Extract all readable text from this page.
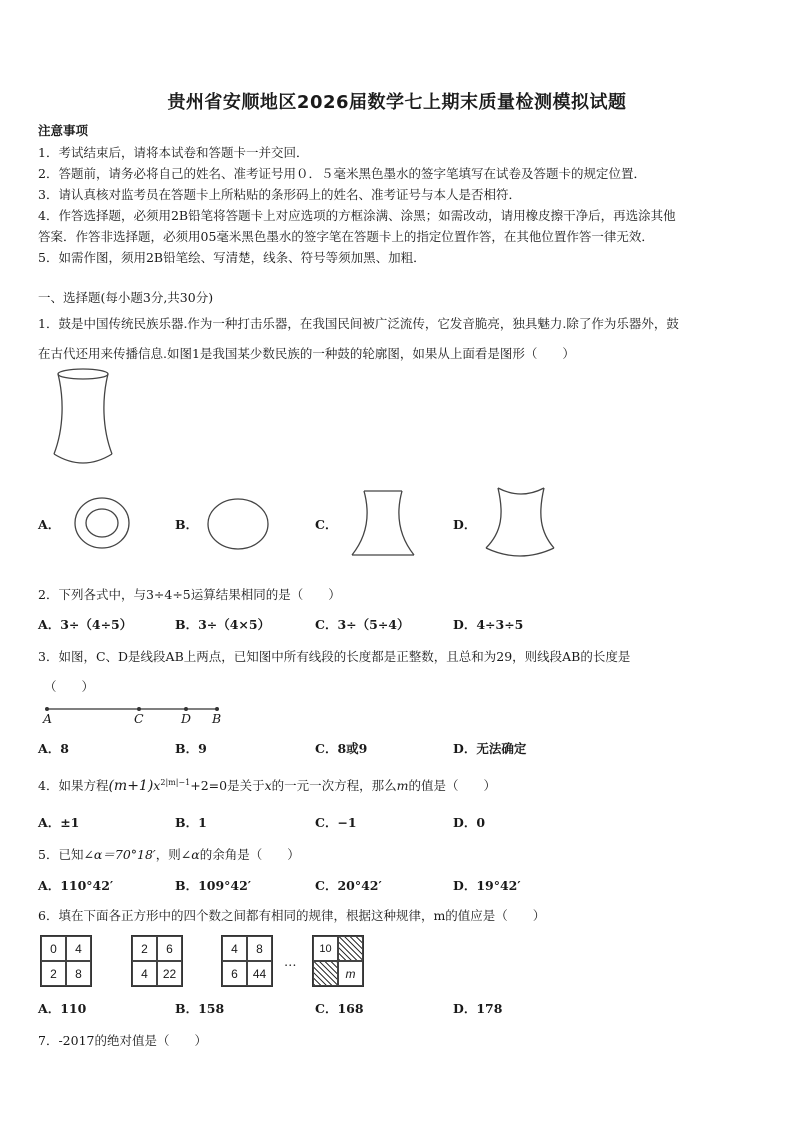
贵州省安顺地区2026届数学七上期末质量检测模拟试题
注意事项
1．考试结束后，请将本试卷和答题卡一并交回．
2．答题前，请务必将自己的姓名、准考证号用０．５毫米黑色墨水的签字笔填写在试卷及答题卡的规定位置．
3．请认真核对监考员在答题卡上所粘贴的条形码上的姓名、准考证号与本人是否相符．
4．作答选择题，必须用2B铅笔将答题卡上对应选项的方框涂满、涂黑；如需改动，请用橡皮擦干净后，再选涂其他
答案．作答非选择题，必须用05毫米黑色墨水的签字笔在答题卡上的指定位置作答，在其他位置作答一律无效．
5．如需作图，须用2B铅笔绘、写清楚，线条、符号等须加黑、加粗．
一、选择题(每小题3分,共30分)
1．鼓是中国传统民族乐器.作为一种打击乐器，在我国民间被广泛流传，它发音脆亮，独具魅力.除了作为乐器外，鼓
在古代还用来传播信息.如图1是我国某少数民族的一种鼓的轮廓图，如果从上面看是图形（　　）
A．	B．	C．	D．
2．下列各式中，与3÷4÷5运算结果相同的是（　　）
A．3÷（4÷5）	B．3÷（4×5）	C．3÷（5÷4）	D．4÷3÷5
3．如图，C、D是线段AB上两点，已知图中所有线段的长度都是正整数，且总和为29，则线段AB的长度是
（　　）
A	C	D B
A．8	B．9	C．8或9	D．无法确定
4．如果方程$(m+1)x^{2|m|-1}+2=0$是关于x的一元一次方程，那么m的值是（　　）
A．±1	B．1	C．−1	D．0
5．已知∠α＝70°18′，则∠α的余角是（　　）
A．110°42′	B．109°42′	C．20°42′	D．19°42′
6．填在下面各正方形中的四个数之间都有相同的规律，根据这种规律，m的值应是（　　）
0	4
2	8
2	6
4	22
4	8
6	44
…
10
m
A．110	B．158	C．168	D．178
7．-2017的绝对值是（　　）
